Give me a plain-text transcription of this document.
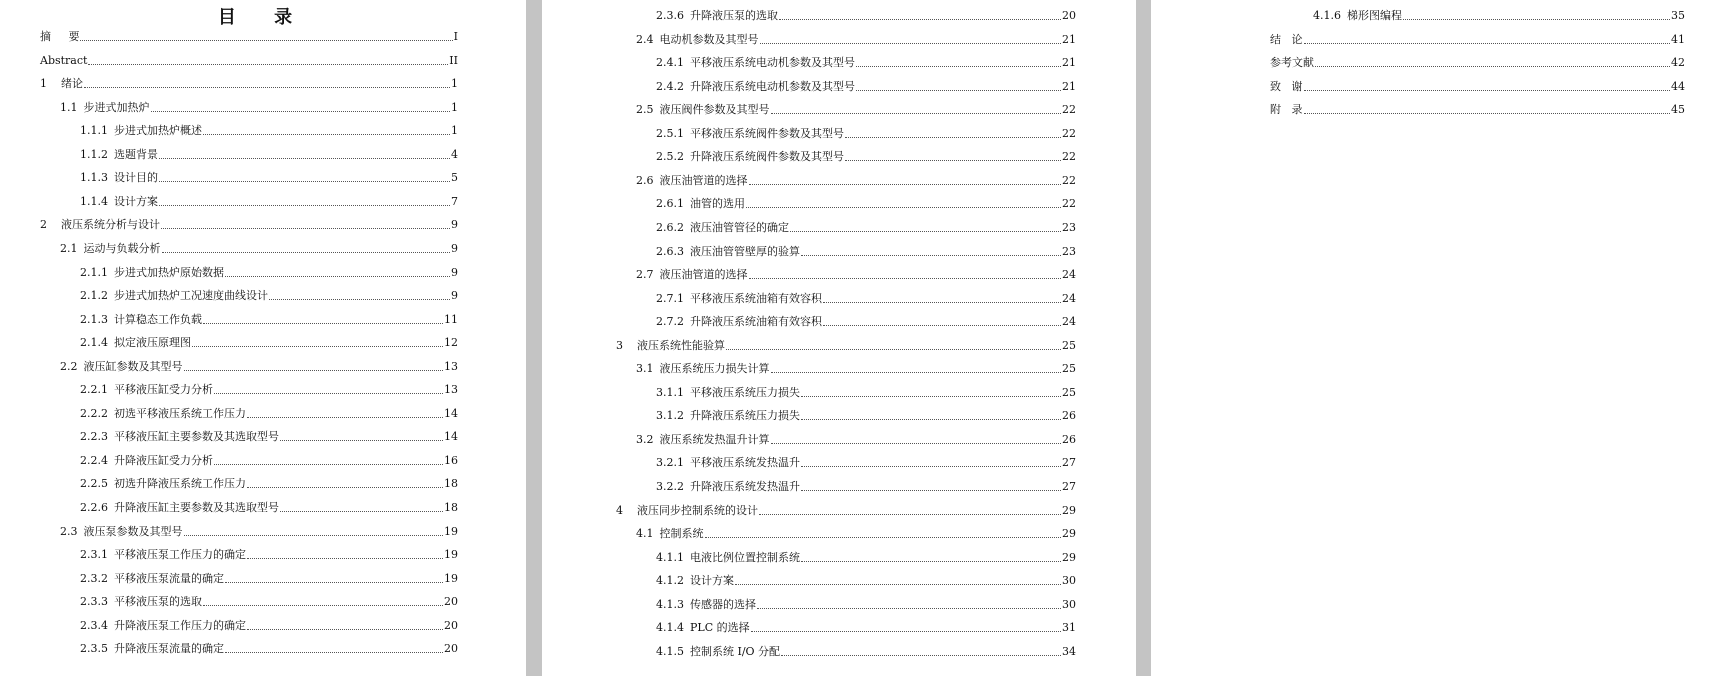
目 录
摘     要	I
Abstract	II
1 绪论	1
1.1 步进式加热炉	1
1.1.1 步进式加热炉概述	1
1.1.2 选题背景	4
1.1.3 设计目的	5
1.1.4 设计方案	7
2 液压系统分析与设计	9
2.1 运动与负载分析	9
2.1.1 步进式加热炉原始数据	9
2.1.2 步进式加热炉工况速度曲线设计	9
2.1.3 计算稳态工作负载	11
2.1.4 拟定液压原理图	12
2.2 液压缸参数及其型号	13
2.2.1 平移液压缸受力分析	13
2.2.2 初选平移液压系统工作压力	14
2.2.3 平移液压缸主要参数及其选取型号	14
2.2.4 升降液压缸受力分析	16
2.2.5 初选升降液压系统工作压力	18
2.2.6 升降液压缸主要参数及其选取型号	18
2.3 液压泵参数及其型号	19
2.3.1 平移液压泵工作压力的确定	19
2.3.2 平移液压泵流量的确定	19
2.3.3 平移液压泵的选取	20
2.3.4 升降液压泵工作压力的确定	20
2.3.5 升降液压泵流量的确定	20
2.3.6 升降液压泵的选取	20
2.4 电动机参数及其型号	21
2.4.1 平移液压系统电动机参数及其型号	21
2.4.2 升降液压系统电动机参数及其型号	21
2.5 液压阀件参数及其型号	22
2.5.1 平移液压系统阀件参数及其型号	22
2.5.2 升降液压系统阀件参数及其型号	22
2.6 液压油管道的选择	22
2.6.1 油管的选用	22
2.6.2 液压油管管径的确定	23
2.6.3 液压油管管壁厚的验算	23
2.7 液压油管道的选择	24
2.7.1 平移液压系统油箱有效容积	24
2.7.2 升降液压系统油箱有效容积	24
3 液压系统性能验算	25
3.1 液压系统压力损失计算	25
3.1.1 平移液压系统压力损失	25
3.1.2 升降液压系统压力损失	26
3.2 液压系统发热温升计算	26
3.2.1 平移液压系统发热温升	27
3.2.2 升降液压系统发热温升	27
4 液压同步控制系统的设计	29
4.1 控制系统	29
4.1.1 电液比例位置控制系统	29
4.1.2 设计方案	30
4.1.3 传感器的选择	30
4.1.4 PLC 的选择	31
4.1.5 控制系统 I/O 分配	34
4.1.6 梯形图编程	35
结   论	41
参考文献	42
致   谢	44
附   录	45
